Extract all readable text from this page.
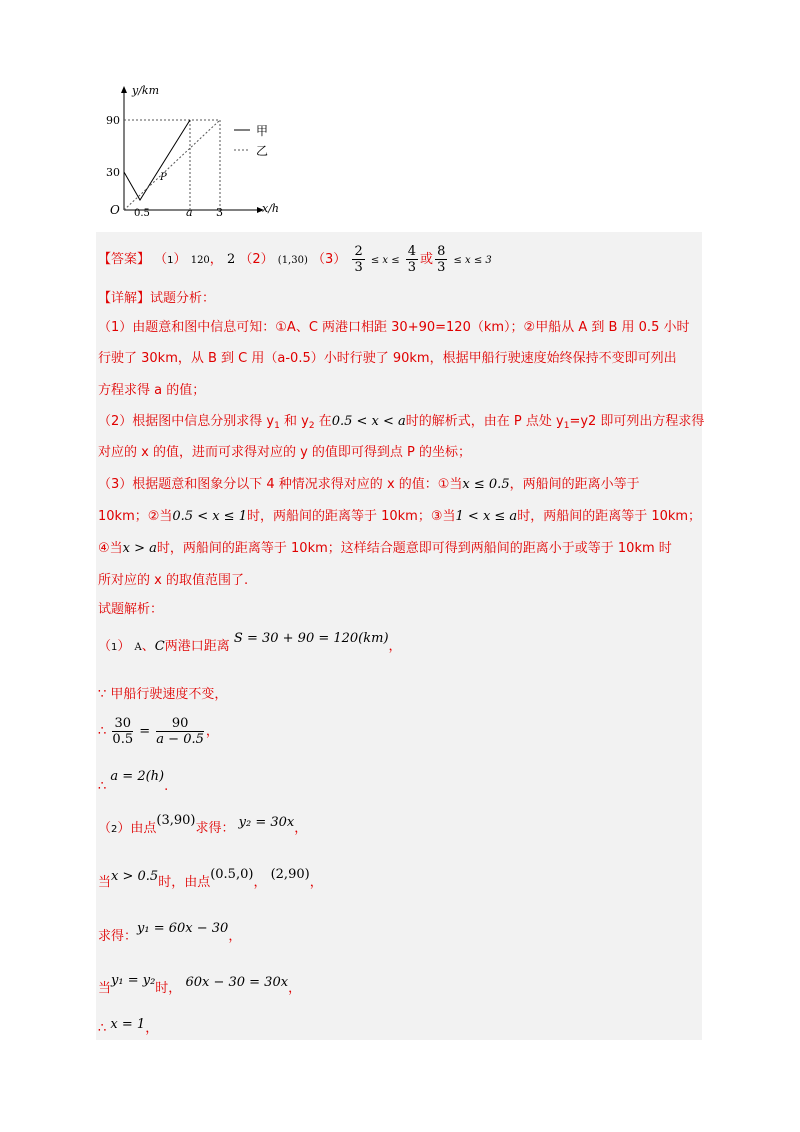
y/km
90
30
O 0.5	a 3	x/h
P
甲
乙
【答案】 （1） 120， 2 （2） (1,30) $(3) \frac{2}{3} \le x \le \frac{4}{3}$ 或 $\frac{8}{3} \le x \le 3$
【详解】试题分析：
（1）由题意和图中信息可知：①A、C 两港口相距 30+90=120（km）；②甲船从 A 到 B 用 0.5 小时
行驶了 30km，从 B 到 C 用（a-0.5）小时行驶了 90km，根据甲船行驶速度始终保持不变即可列出
方程求得 a 的值；
（2）根据图中信息分别求得 $y_1$ 和 $y_2$ 在0.5 < x < a时的解析式，由在 P 点处 $y_1=y2$ 即可列出方程求得
对应的 x 的值，进而可求得对应的 y 的值即可得到点 P 的坐标；
（3）根据题意和图象分以下 4 种情况求得对应的 x 的值：①当x ≤ 0.5，两船间的距离小等于
10km；②当0.5 < x ≤ 1时，两船间的距离等于 10km；③当1 < x ≤ a时，两船间的距离等于 10km；
④当x > a时，两船间的距离等于 10km；这样结合题意即可得到两船间的距离小于或等于 10km 时
所对应的 x 的取值范围了.
试题解析：
（1） A、C两港口距离 S = 30 + 90 = 120(km)，
∵ 甲船行驶速度不变，
∴ $\frac{30}{0.5} = \frac{90}{a - 0.5}$ ，
∴ a = 2(h).
（2）由点(3,90)求得： y₂ = 30x，
当x > 0.5时，由点(0.5,0)， (2,90)，
求得：y₁ = 60x − 30，
当y₁ = y₂时， 60x − 30 = 30x，
∴ x = 1，
